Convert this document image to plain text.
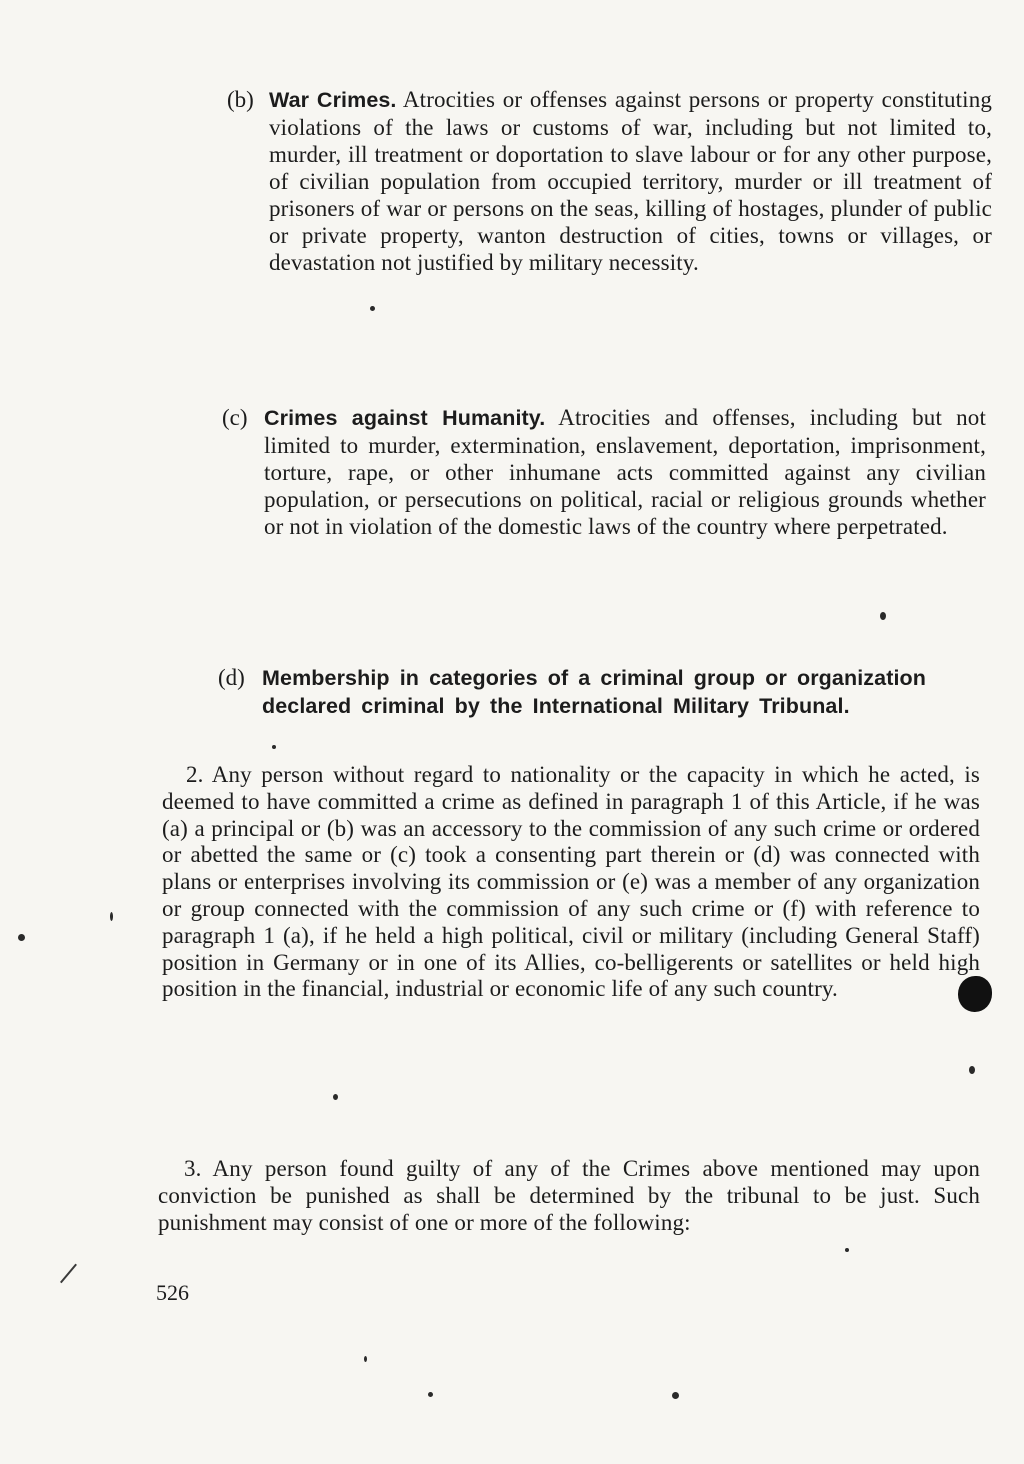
(b) War Crimes. Atrocities or offenses against persons or property constituting violations of the laws or customs of war, including but not limited to, murder, ill treatment or doportation to slave labour or for any other purpose, of civilian population from occupied territory, murder or ill treatment of prisoners of war or persons on the seas, killing of hostages, plunder of public or private property, wanton destruction of cities, towns or villages, or devastation not justified by military necessity.
(c) Crimes against Humanity. Atrocities and offenses, including but not limited to murder, extermination, enslavement, deportation, imprisonment, torture, rape, or other inhumane acts committed against any civilian population, or persecutions on political, racial or religious grounds whether or not in violation of the domestic laws of the country where perpetrated.
(d) Membership in categories of a criminal group or organization declared criminal by the International Military Tribunal.
2. Any person without regard to nationality or the capacity in which he acted, is deemed to have committed a crime as defined in paragraph 1 of this Article, if he was (a) a principal or (b) was an accessory to the commission of any such crime or ordered or abetted the same or (c) took a consenting part therein or (d) was connected with plans or enterprises involving its commission or (e) was a member of any organization or group connected with the commission of any such crime or (f) with reference to paragraph 1 (a), if he held a high political, civil or military (including General Staff) position in Germany or in one of its Allies, co-belligerents or satellites or held high position in the financial, industrial or economic life of any such country.
3. Any person found guilty of any of the Crimes above mentioned may upon conviction be punished as shall be determined by the tribunal to be just. Such punishment may consist of one or more of the following:
526
